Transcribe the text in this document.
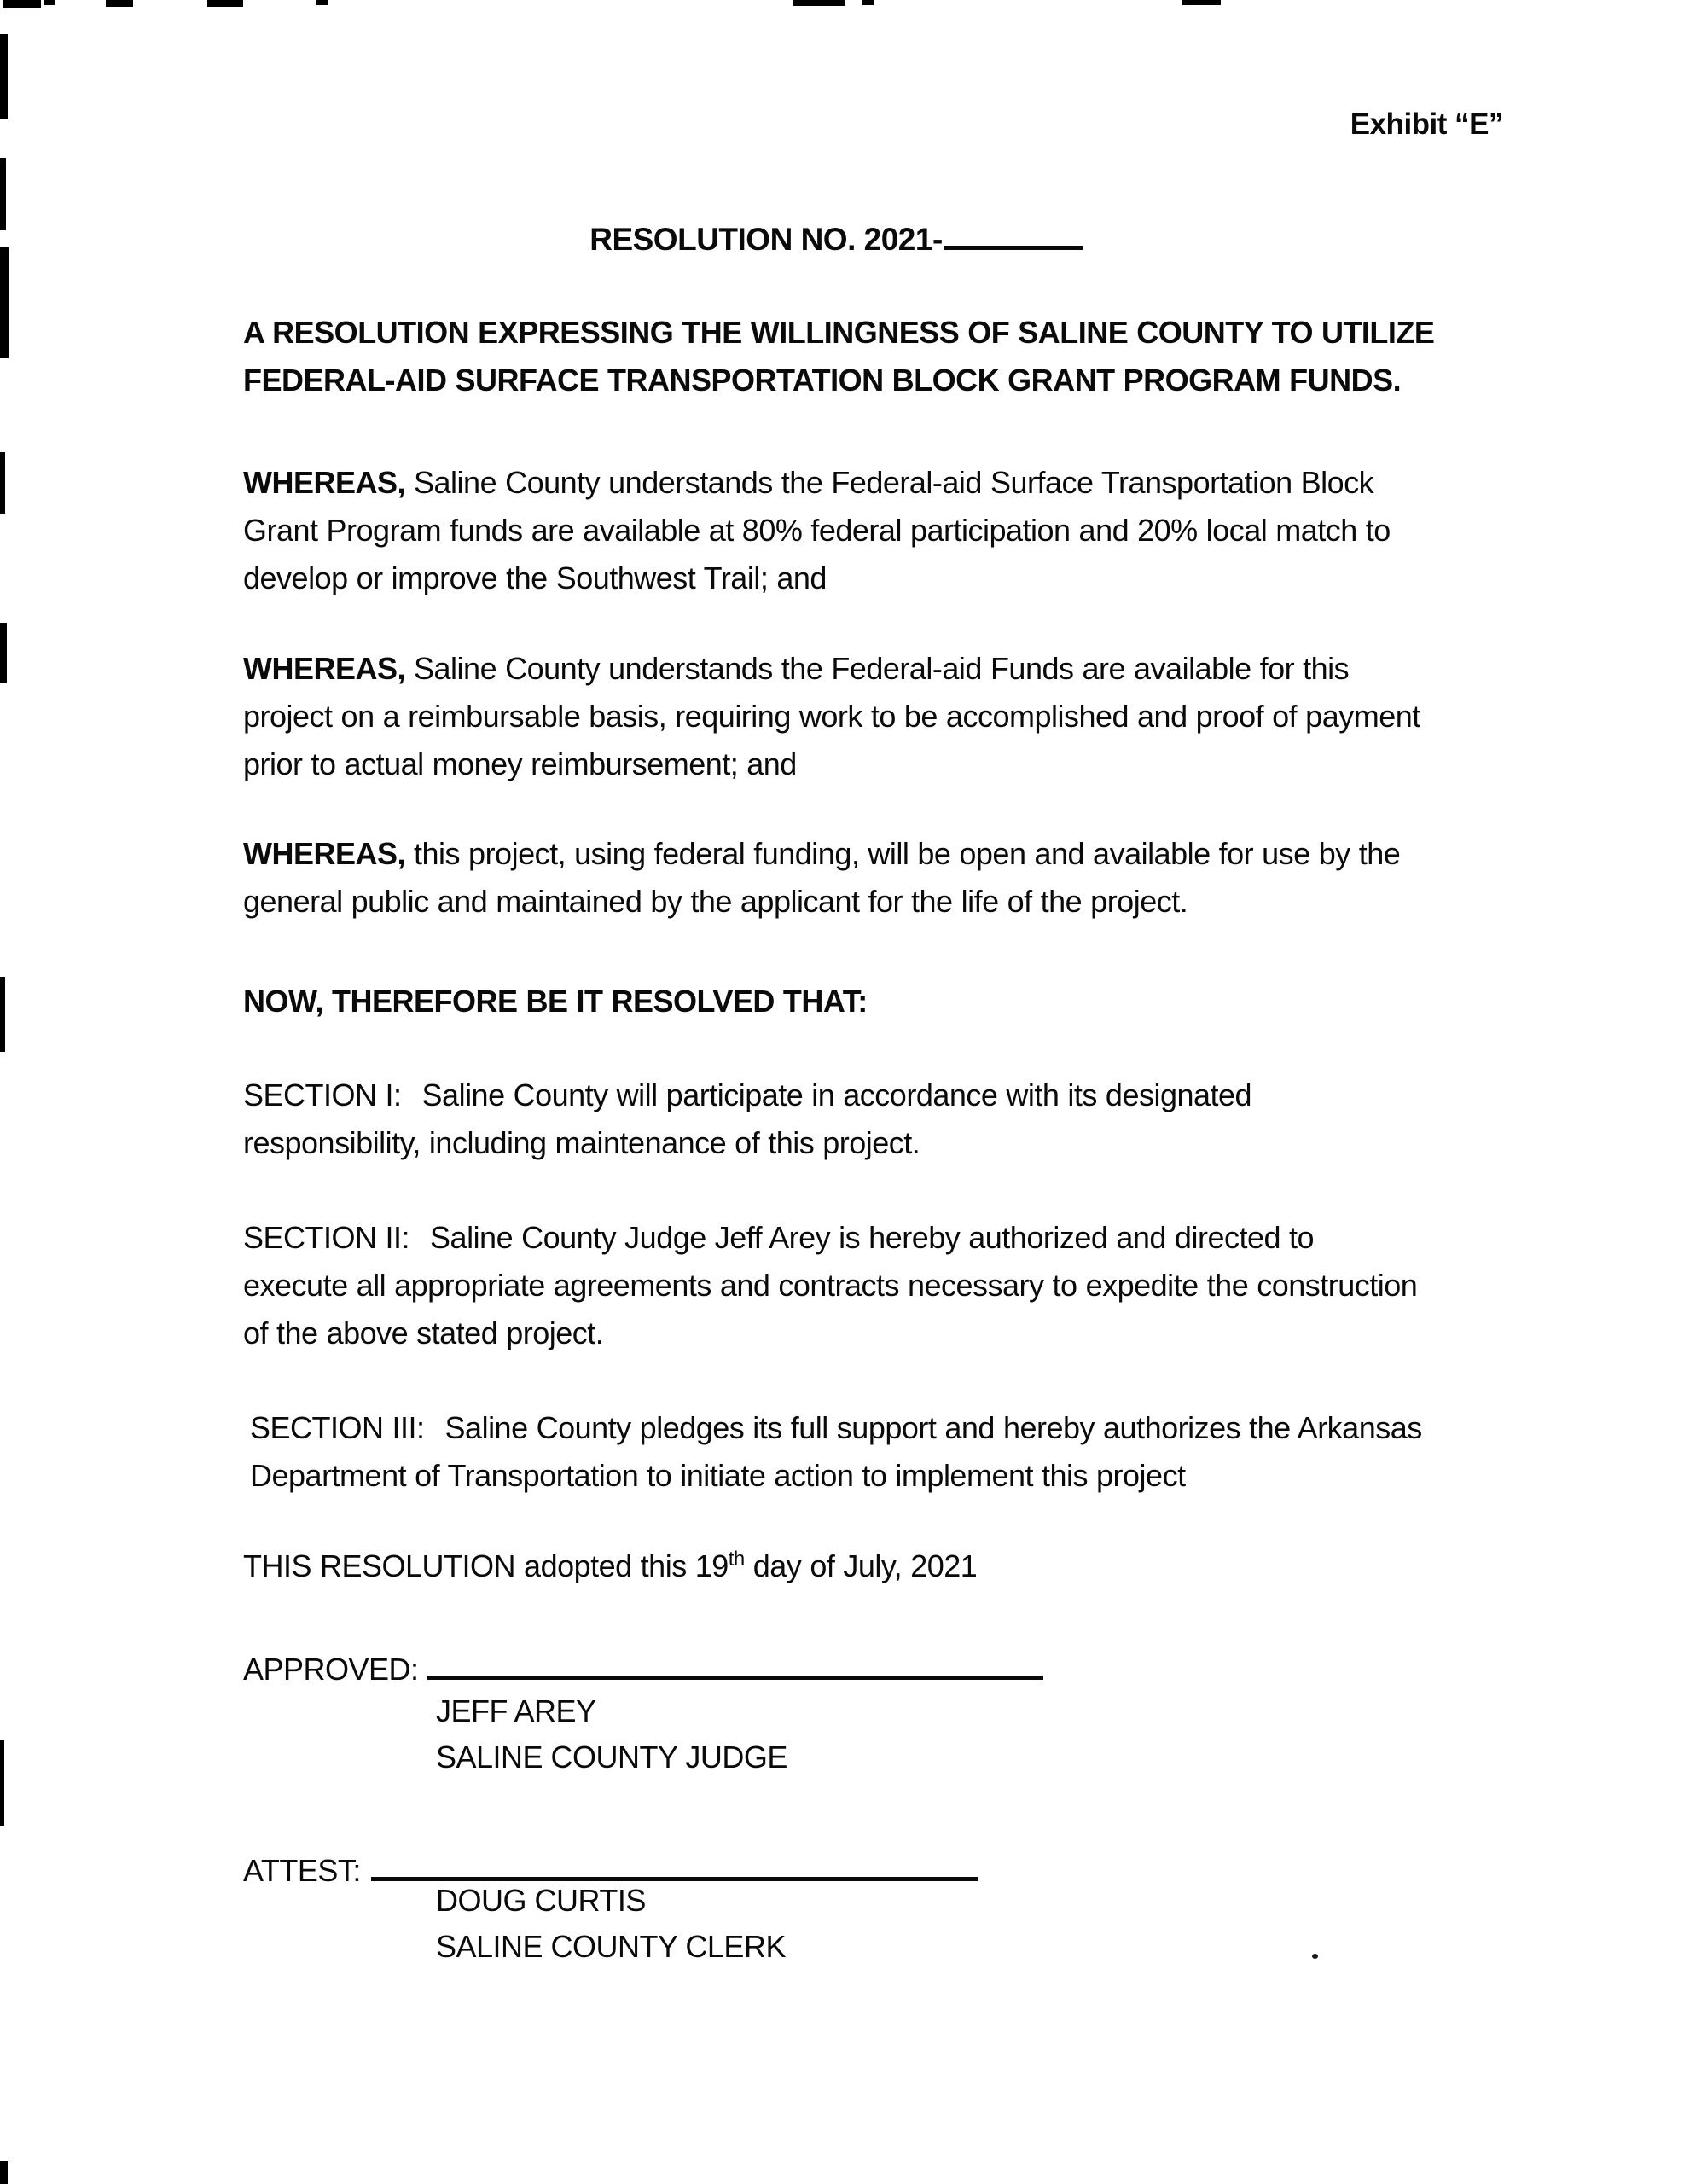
Exhibit “E”
RESOLUTION NO. 2021-
A RESOLUTION EXPRESSING THE WILLINGNESS OF SALINE COUNTY TO UTILIZE FEDERAL-AID SURFACE TRANSPORTATION BLOCK GRANT PROGRAM FUNDS.
WHEREAS, Saline County understands the Federal-aid Surface Transportation Block Grant Program funds are available at 80% federal participation and 20% local match to develop or improve the Southwest Trail; and
WHEREAS, Saline County understands the Federal-aid Funds are available for this project on a reimbursable basis, requiring work to be accomplished and proof of payment prior to actual money reimbursement; and
WHEREAS, this project, using federal funding, will be open and available for use by the general public and maintained by the applicant for the life of the project.
NOW, THEREFORE BE IT RESOLVED THAT:
SECTION I: Saline County will participate in accordance with its designated responsibility, including maintenance of this project.
SECTION II: Saline County Judge Jeff Arey is hereby authorized and directed to execute all appropriate agreements and contracts necessary to expedite the construction of the above stated project.
SECTION III: Saline County pledges its full support and hereby authorizes the Arkansas Department of Transportation to initiate action to implement this project
THIS RESOLUTION adopted this 19th day of July, 2021
APPROVED:
JEFF AREY
SALINE COUNTY JUDGE
ATTEST:
DOUG CURTIS
SALINE COUNTY CLERK
